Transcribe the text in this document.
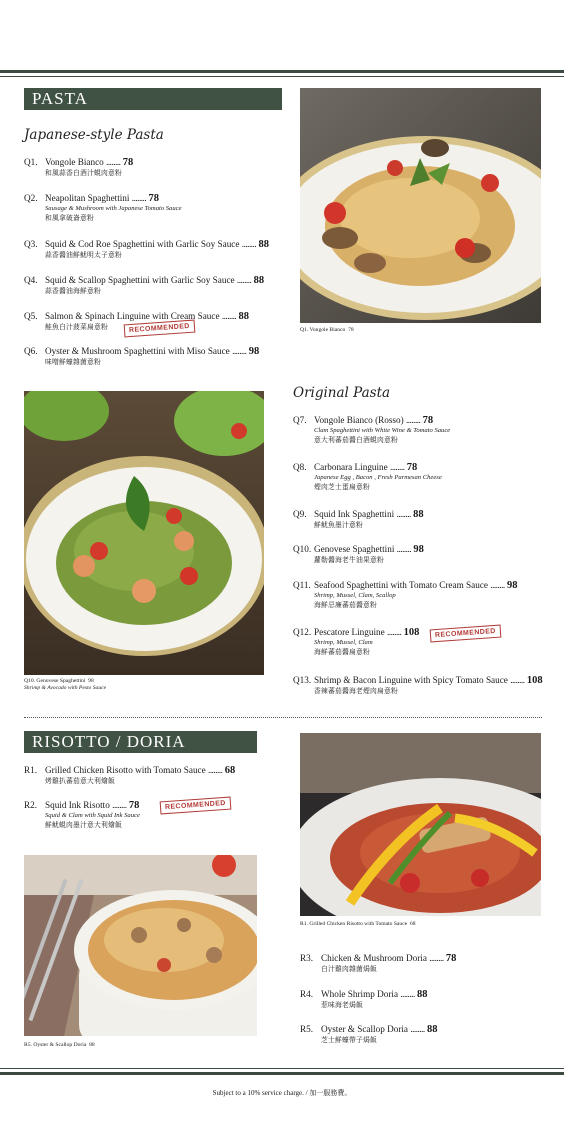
PASTA
Japanese-style Pasta
Q1. Vongole Bianco ........ 78
和風蒜香白酒汁蜆肉意粉
Q2. Neapolitan Spaghettini ........ 78
Sausage & Mushroom with Japanese Tomato Sauce
和風拿破崙意粉
Q3. Squid & Cod Roe Spaghettini with Garlic Soy Sauce ........ 88
蒜香醬油鮮魷明太子意粉
Q4. Squid & Scallop Spaghettini with Garlic Soy Sauce ........ 88
蒜香醬油海鮮意粉
Q5. Salmon & Spinach Linguine with Cream Sauce ........ 88
鮭魚白汁菠菜扁意粉	RECOMMENDED
Q6. Oyster & Mushroom Spaghettini with Miso Sauce ........ 98
味噌鮮蠔雜菌意粉
Q1. Vongole Bianco 78
Q10. Genovese Spaghettini 98
Shrimp & Avocado with Pesto Sauce
Original Pasta
Q7. Vongole Bianco (Rosso) ........ 78
Clam Spaghettini with White Wine & Tomato Sauce
意大利蕃茄醬白酒蜆肉意粉
Q8. Carbonara Linguine ........ 78
Japanese Egg , Bacon , Fresh Parmesan Cheese
煙肉芝士蛋扁意粉
Q9. Squid Ink Spaghettini ........ 88
鮮魷魚墨汁意粉
Q10. Genovese Spaghettini ........ 98
蘿勒醬海老牛油果意粉
Q11. Seafood Spaghettini with Tomato Cream Sauce ........ 98
Shrimp, Mussel, Clam, Scallop
海鮮忌廉蕃茄醬意粉
Q12. Pescatore Linguine ........ 108
Shrimp, Mussel, Clam
海鮮蕃茄醬扁意粉
RECOMMENDED
Q13. Shrimp & Bacon Linguine with Spicy Tomato Sauce ........ 108
香辣蕃茄醬海老煙肉扁意粉
RISOTTO / DORIA
R1. Grilled Chicken Risotto with Tomato Sauce ........ 68
烤雞扒蕃茄意大利燴飯
R2. Squid Ink Risotto ........ 78
Squid & Clam with Squid Ink Sauce
鮮魷蜆肉墨汁意大利燴飯
RECOMMENDED
R5. Oyster & Scallop Doria 88
R1. Grilled Chicken Risotto with Tomato Sauce 68
R3. Chicken & Mushroom Doria ........ 78
白汁雞肉雜菌焗飯
R4. Whole Shrimp Doria ........ 88
惹味海老焗飯
R5. Oyster & Scallop Doria ........ 88
芝士鮮蠔帶子焗飯
Subject to a 10% service charge. / 加一服務費。
